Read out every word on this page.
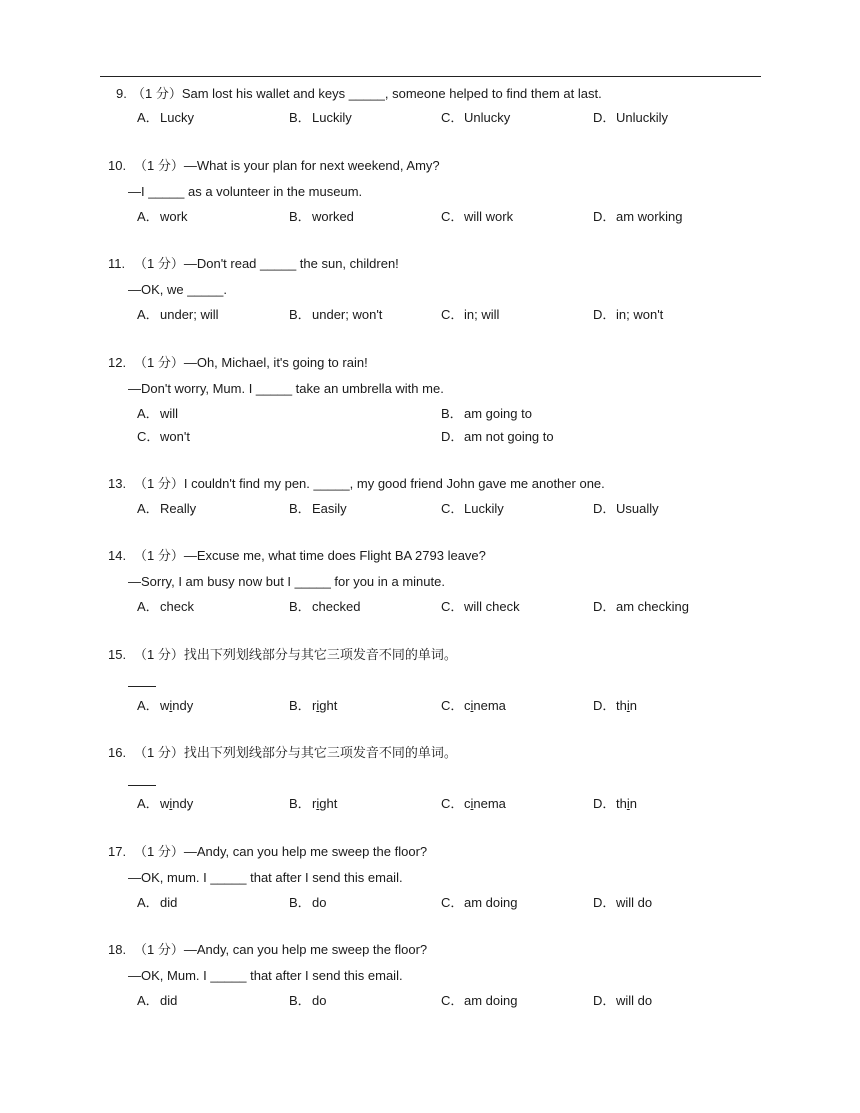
9. （1 分）Sam lost his wallet and keys _____, someone helped to find them at last.
A．Lucky	B．Luckily	C．Unlucky	D．Unluckily
10. （1 分）—What is your plan for next weekend, Amy?
—I _____ as a volunteer in the museum.
A．work	B．worked	C．will work	D．am working
11. （1 分）—Don't read _____ the sun, children!
—OK, we _____.
A．under; will	B．under; won't	C．in; will	D．in; won't
12. （1 分）—Oh, Michael, it's going to rain!
—Don't worry, Mum. I _____ take an umbrella with me.
A．will	B．am going to
C．won't	D．am not going to
13. （1 分）I couldn't find my pen. _____, my good friend John gave me another one.
A．Really	B．Easily	C．Luckily	D．Usually
14. （1 分）—Excuse me, what time does Flight BA 2793 leave?
—Sorry, I am busy now but I _____ for you in a minute.
A．check	B．checked	C．will check	D．am checking
15. （1 分）找出下列划线部分与其它三项发音不同的单词。
A．windy	B．right	C．cinema	D．thin
16. （1 分）找出下列划线部分与其它三项发音不同的单词。
A．windy	B．right	C．cinema	D．thin
17. （1 分）—Andy, can you help me sweep the floor?
—OK, mum. I _____ that after I send this email.
A．did	B．do	C．am doing	D．will do
18. （1 分）—Andy, can you help me sweep the floor?
—OK, Mum. I _____ that after I send this email.
A．did	B．do	C．am doing	D．will do
